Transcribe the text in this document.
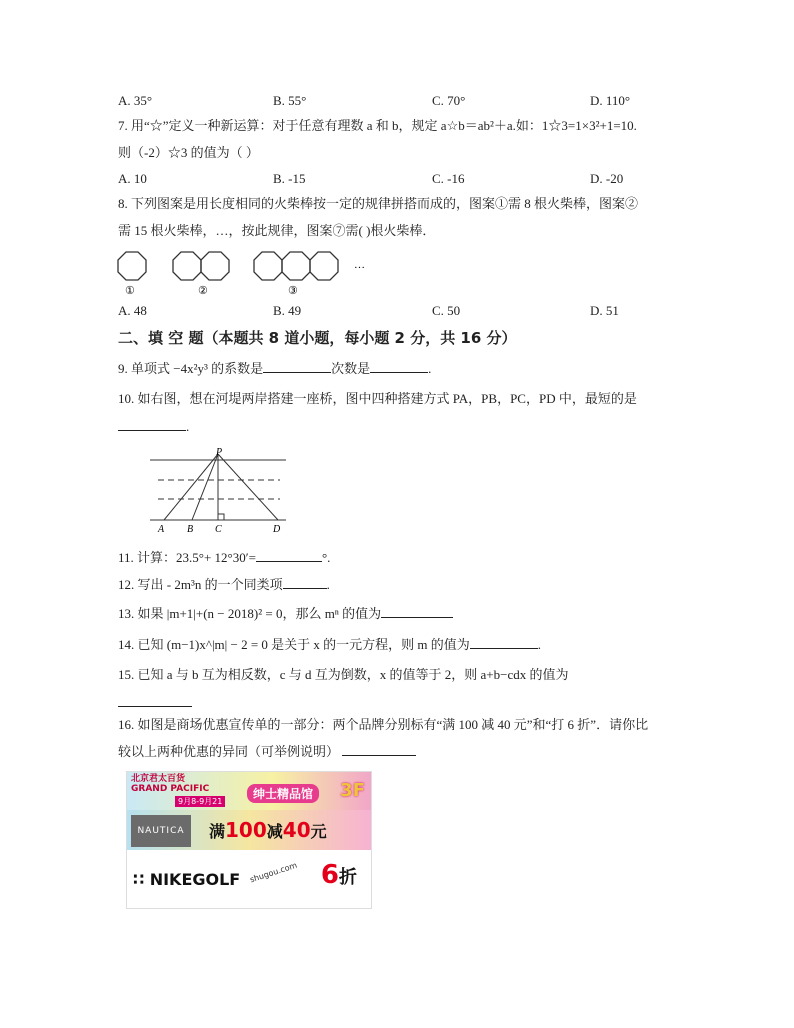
A. 35°	B. 55°	C. 70°	D. 110°
7. 用“☆”定义一种新运算：对于任意有理数 a 和 b，规定 a☆b＝ab²＋a.如：1☆3=1×3²+1=10.
则（-2）☆3 的值为（ ）
A. 10	B. -15	C. -16	D. -20
8. 下列图案是用长度相同的火柴棒按一定的规律拼搭而成的，图案①需 8 根火柴棒，图案②
需 15 根火柴棒，…，按此规律，图案⑦需( )根火柴棒．
①	②	③
…
A. 48	B. 49	C. 50	D. 51
二、填 空 题（本题共 8 道小题，每小题 2 分，共 16 分）
9. 单项式 −4x²y³ 的系数是	次数是	.
10. 如右图，想在河堤两岸搭建一座桥，图中四种搭建方式 PA，PB，PC，PD 中，最短的是
.
P
A B C	D
11. 计算：23.5°+ 12°30′=	°.
12. 写出 - 2m³n 的一个同类项	.
13. 如果 |m+1|+(n − 2018)² = 0，那么 mⁿ 的值为
14. 已知 (m−1)x^|m| − 2 = 0 是关于 x 的一元方程，则 m 的值为	.
15. 已知 a 与 b 互为相反数，c 与 d 互为倒数，x 的值等于 2，则 a+b−cdx 的值为
16. 如图是商场优惠宣传单的一部分：两个品牌分别标有“满 100 减 40 元”和“打 6 折”．请你比
较以上两种优惠的异同（可举例说明）
北京君太百货
GRAND PACIFIC
9月8-9月21
绅士精品馆	3F
NAUTICA	满100减40元
∷ NIKEGOLF shugou.com 6折
